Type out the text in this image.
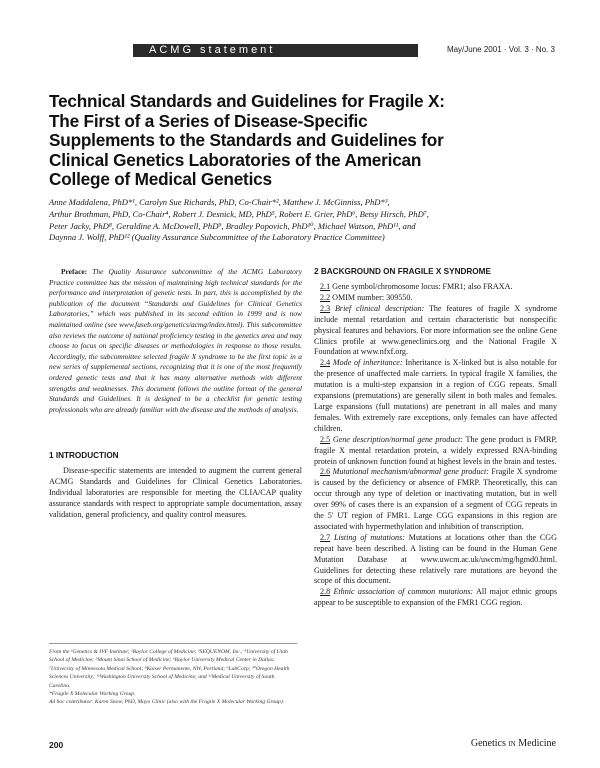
ACMG statement	May/June 2001 · Vol. 3 · No. 3
Technical Standards and Guidelines for Fragile X:
The First of a Series of Disease-Specific
Supplements to the Standards and Guidelines for
Clinical Genetics Laboratories of the American
College of Medical Genetics
Anne Maddalena, PhD*¹, Carolyn Sue Richards, PhD, Co-Chair*², Matthew J. McGinniss, PhD*³,
Arthur Brothman, PhD, Co-Chair⁴, Robert J. Desnick, MD, PhD⁵, Robert E. Grier, PhD⁶, Betsy Hirsch, PhD⁷,
Peter Jacky, PhD⁸, Geraldine A. McDowell, PhD⁹, Bradley Popovich, PhD¹⁰, Michael Watson, PhD¹¹, and
Daynna J. Wolff, PhD¹² (Quality Assurance Subcommittee of the Laboratory Practice Committee)

Preface: The Quality Assurance subcommittee of the ACMG Laboratory Practice committee has the mission of maintaining high technical standards for the performance and interpretation of genetic tests. In part, this is accomplished by the publication of the document “Standards and Guidelines for Clinical Genetics Laboratories,” which was published in its second edition in 1999 and is now maintained online (see www.faseb.org/genetics/acmg/index.html). This subcommittee also reviews the outcome of national proficiency testing in the genetics area and may choose to focus on specific diseases or methodologies in response to those results. Accordingly, the subcommittee selected fragile X syndrome to be the first topic in a new series of supplemental sections, recognizing that it is one of the most frequently ordered genetic tests and that it has many alternative methods with different strengths and weaknesses. This document follows the outline format of the general Standards and Guidelines. It is designed to be a checklist for genetic testing professionals who are already familiar with the disease and the methods of analysis.

1 INTRODUCTION

Disease-specific statements are intended to augment the current general ACMG Standards and Guidelines for Clinical Genetics Laboratories. Individual laboratories are responsible for meeting the CLIA/CAP quality assurance standards with respect to appropriate sample documentation, assay validation, general proficiency, and quality control measures.

2 BACKGROUND ON FRAGILE X SYNDROME

2.1 Gene symbol/chromosome locus: FMR1; also FRAXA.

2.2 OMIM number: 309550.

2.3 Brief clinical description: The features of fragile X syndrome include mental retardation and certain characteristic but nonspecific physical features and behaviors. For more information see the online Gene Clinics profile at www.geneclinics.org and the National Fragile X Foundation at www.nfxf.org.

2.4 Mode of inheritance: Inheritance is X-linked but is also notable for the presence of unaffected male carriers. In typical fragile X families, the mutation is a multi-step expansion in a region of CGG repeats. Small expansions (premutations) are generally silent in both males and females. Large expansions (full mutations) are penetrant in all males and many females. With extremely rare exceptions, only females can have affected children.

2.5 Gene description/normal gene product: The gene product is FMRP, fragile X mental retardation protein, a widely expressed RNA-binding protein of unknown function found at highest levels in the brain and testes.

2.6 Mutational mechanism/abnormal gene product: Fragile X syndrome is caused by the deficiency or absence of FMRP. Theoretically, this can occur through any type of deletion or inactivating mutation, but in well over 99% of cases there is an expansion of a segment of CGG repeats in the 5′ UT region of FMR1. Large CGG expansions in this region are associated with hypermethylation and inhibition of transcription.

2.7 Listing of mutations: Mutations at locations other than the CGG repeat have been described. A listing can be found in the Human Gene Mutation Database at www.uwcm.ac.uk/uwcm/mg/hgmd0.html. Guidelines for detecting these relatively rare mutations are beyond the scope of this document.

2.8 Ethnic association of common mutations: All major ethnic groups appear to be susceptible to expansion of the FMR1 CGG region.

From the ¹Genetics & IVF Institute; ²Baylor College of Medicine; ³SEQUENOM, Inc.; ⁴University of Utah School of Medicine; ⁵Mount Sinai School of Medicine; ⁶Baylor University Medical Center in Dallas; ⁷University of Minnesota Medical School; ⁸Kaiser Permanente, NW, Portland; ⁹LabCorp; ¹⁰Oregon Health Sciences University; ¹¹Washington University School of Medicine; and ¹²Medical University of South Carolina.

*Fragile X Molecular Working Group.

Ad hoc contributor: Karen Snow, PhD, Mayo Clinic (also with the Fragile X Molecular Working Group).

200	Genetics IN Medicine
